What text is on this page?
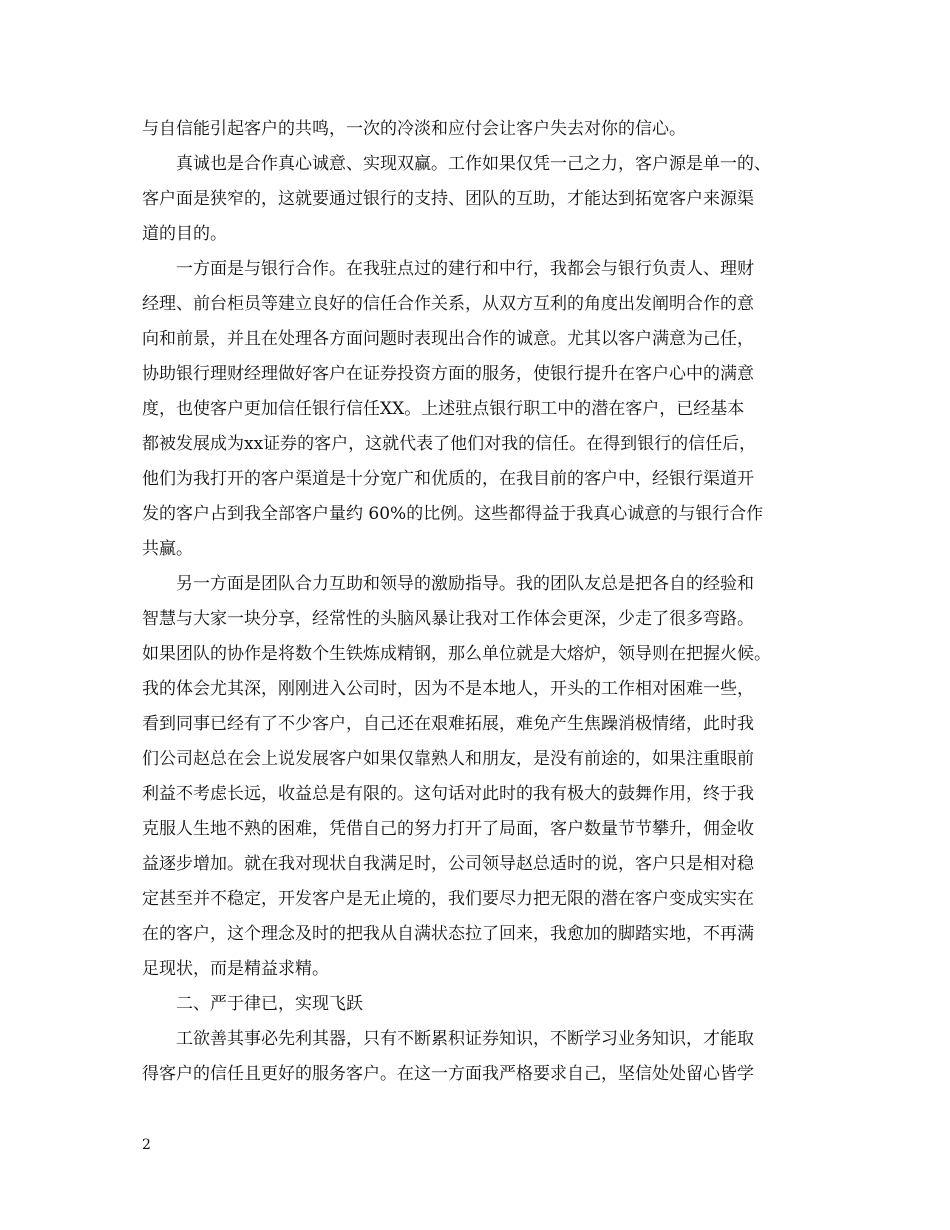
与自信能引起客户的共鸣，一次的冷淡和应付会让客户失去对你的信心。
真诚也是合作真心诚意、实现双赢。工作如果仅凭一己之力，客户源是单一的、
客户面是狭窄的，这就要通过银行的支持、团队的互助，才能达到拓宽客户来源渠
道的目的。
一方面是与银行合作。在我驻点过的建行和中行，我都会与银行负责人、理财
经理、前台柜员等建立良好的信任合作关系，从双方互利的角度出发阐明合作的意
向和前景，并且在处理各方面问题时表现出合作的诚意。尤其以客户满意为己任，
协助银行理财经理做好客户在证券投资方面的服务，使银行提升在客户心中的满意
度，也使客户更加信任银行信任XX。上述驻点银行职工中的潜在客户，已经基本
都被发展成为xx证券的客户，这就代表了他们对我的信任。在得到银行的信任后，
他们为我打开的客户渠道是十分宽广和优质的，在我目前的客户中，经银行渠道开
发的客户占到我全部客户量约 60%的比例。这些都得益于我真心诚意的与银行合作
共赢。
另一方面是团队合力互助和领导的激励指导。我的团队友总是把各自的经验和
智慧与大家一块分享，经常性的头脑风暴让我对工作体会更深，少走了很多弯路。
如果团队的协作是将数个生铁炼成精钢，那么单位就是大熔炉，领导则在把握火候。
我的体会尤其深，刚刚进入公司时，因为不是本地人，开头的工作相对困难一些，
看到同事已经有了不少客户，自己还在艰难拓展，难免产生焦躁消极情绪，此时我
们公司赵总在会上说发展客户如果仅靠熟人和朋友，是没有前途的，如果注重眼前
利益不考虑长远，收益总是有限的。这句话对此时的我有极大的鼓舞作用，终于我
克服人生地不熟的困难，凭借自己的努力打开了局面，客户数量节节攀升，佣金收
益逐步增加。就在我对现状自我满足时，公司领导赵总适时的说，客户只是相对稳
定甚至并不稳定，开发客户是无止境的，我们要尽力把无限的潜在客户变成实实在
在的客户，这个理念及时的把我从自满状态拉了回来，我愈加的脚踏实地，不再满
足现状，而是精益求精。
二、严于律已，实现飞跃
工欲善其事必先利其器，只有不断累积证券知识，不断学习业务知识，才能取
得客户的信任且更好的服务客户。在这一方面我严格要求自己，坚信处处留心皆学
2
